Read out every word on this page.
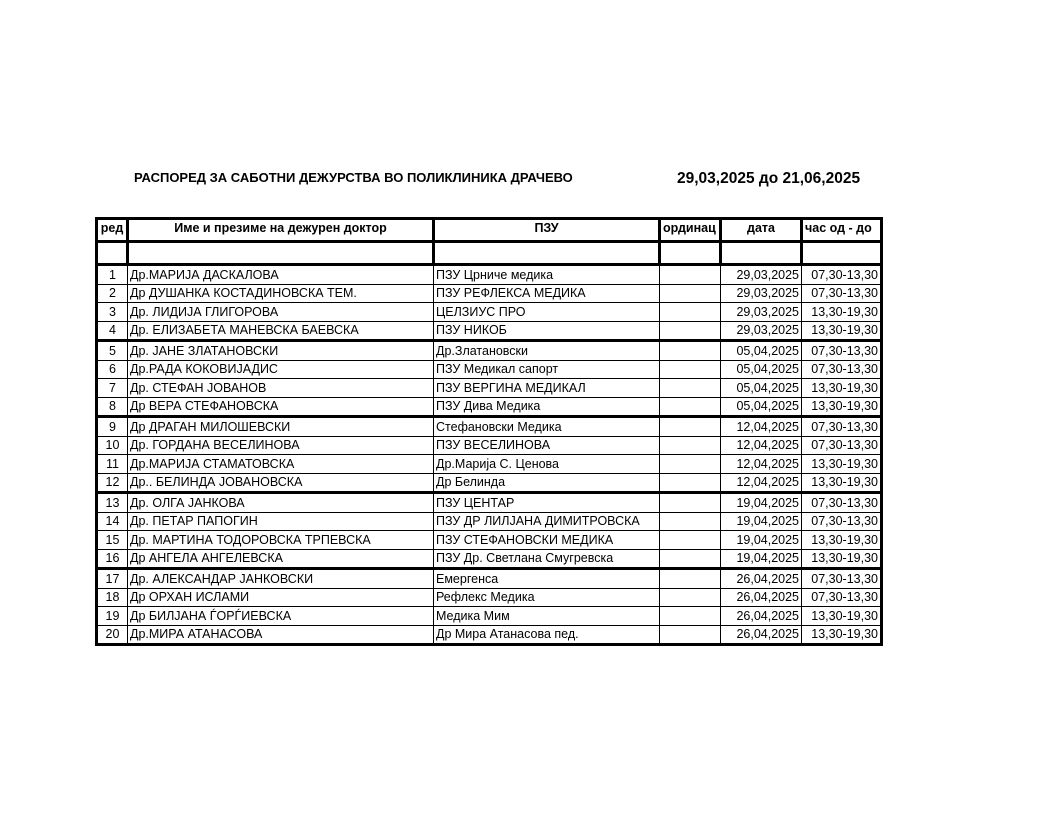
РАСПОРЕД ЗА САБОТНИ ДЕЖУРСТВА ВО ПОЛИКЛИНИКА ДРАЧЕВО	29,03,2025 до 21,06,2025
ред	Име и презиме на дежурен доктор	ПЗУ	ординац	дата	час од - до

1	Др.МАРИЈА ДАСКАЛОВА	ПЗУ Црниче медика		29,03,2025	07,30-13,30
2	Др ДУШАНКА КОСТАДИНОВСКА ТЕМ.	ПЗУ РЕФЛЕКСА МЕДИКА		29,03,2025	07,30-13,30
3	Др. ЛИДИЈА ГЛИГОРОВА	ЦЕЛЗИУС ПРО		29,03,2025	13,30-19,30
4	Др. ЕЛИЗАБЕТА МАНЕВСКА БАЕВСКА	ПЗУ НИКОБ		29,03,2025	13,30-19,30
5	Др. ЈАНЕ ЗЛАТАНОВСКИ	Др.Златановски		05,04,2025	07,30-13,30
6	Др.РАДА КОКОВИЈАДИС	ПЗУ Медикал сапорт		05,04,2025	07,30-13,30
7	Др. СТЕФАН ЈОВАНОВ	ПЗУ ВЕРГИНА МЕДИКАЛ		05,04,2025	13,30-19,30
8	Др ВЕРА СТЕФАНОВСКА	ПЗУ Дива Медика		05,04,2025	13,30-19,30
9	Др ДРАГАН МИЛОШЕВСКИ	Стефановски Медика		12,04,2025	07,30-13,30
10	Др. ГОРДАНА ВЕСЕЛИНОВА	ПЗУ ВЕСЕЛИНОВА		12,04,2025	07,30-13,30
11	Др.МАРИЈА СТАМАТОВСКА	Др.Марија С. Ценова		12,04,2025	13,30-19,30
12	Др.. БЕЛИНДА ЈОВАНОВСКА	Др Белинда		12,04,2025	13,30-19,30
13	Др. ОЛГА ЈАНКОВА	ПЗУ ЦЕНТАР		19,04,2025	07,30-13,30
14	Др. ПЕТАР ПАПОГИН	ПЗУ ДР ЛИЛЈАНА ДИМИТРОВСКА		19,04,2025	07,30-13,30
15	Др. МАРТИНА ТОДОРОВСКА ТРПЕВСКА	ПЗУ СТЕФАНОВСКИ МЕДИКА		19,04,2025	13,30-19,30
16	Др АНГЕЛА АНГЕЛЕВСКА	ПЗУ Др. Светлана Смугревска		19,04,2025	13,30-19,30
17	Др. АЛЕКСАНДАР ЈАНКОВСКИ	Емергенса		26,04,2025	07,30-13,30
18	Др ОРХАН ИСЛАМИ	Рефлекс Медика		26,04,2025	07,30-13,30
19	Др БИЛЈАНА ЃОРЃИЕВСКА	Медика Мим		26,04,2025	13,30-19,30
20	Др.МИРА АТАНАСОВА	Др Мира Атанасова пед.		26,04,2025	13,30-19,30
